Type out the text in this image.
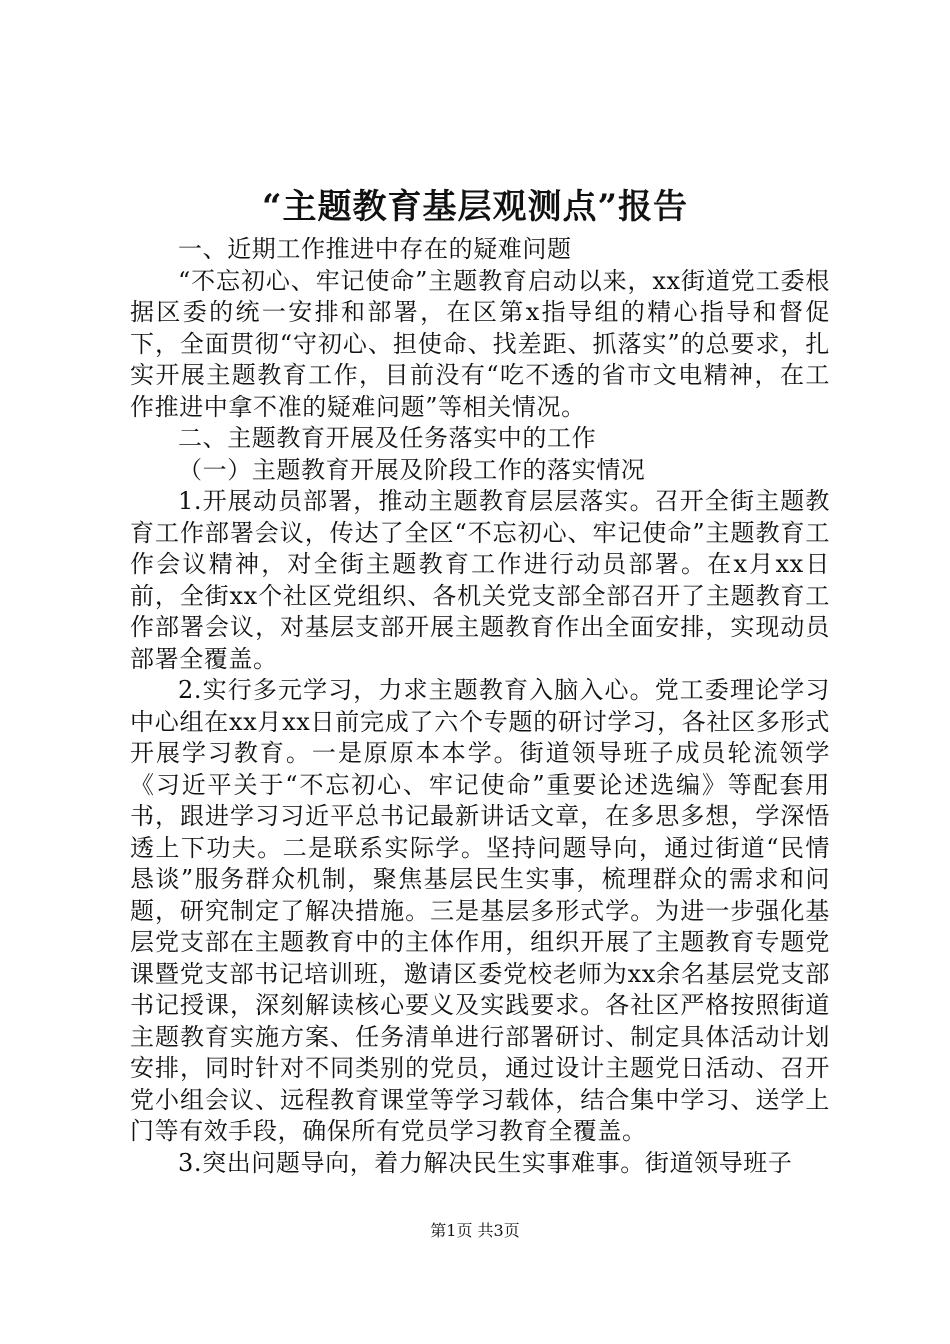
“主题教育基层观测点”报告

一、近期工作推进中存在的疑难问题

“不忘初心、牢记使命”主题教育启动以来，xx街道党工委根据区委的统一安排和部署，在区第x指导组的精心指导和督促下，全面贯彻“守初心、担使命、找差距、抓落实”的总要求，扎实开展主题教育工作，目前没有“吃不透的省市文电精神，在工作推进中拿不准的疑难问题”等相关情况。

二、主题教育开展及任务落实中的工作

（一）主题教育开展及阶段工作的落实情况

1.开展动员部署，推动主题教育层层落实。召开全街主题教育工作部署会议，传达了全区“不忘初心、牢记使命”主题教育工作会议精神，对全街主题教育工作进行动员部署。在x月xx日前，全街xx个社区党组织、各机关党支部全部召开了主题教育工作部署会议，对基层支部开展主题教育作出全面安排，实现动员部署全覆盖。

2.实行多元学习，力求主题教育入脑入心。党工委理论学习中心组在xx月xx日前完成了六个专题的研讨学习，各社区多形式开展学习教育。一是原原本本学。街道领导班子成员轮流领学《习近平关于“不忘初心、牢记使命”重要论述选编》等配套用书，跟进学习习近平总书记最新讲话文章，在多思多想，学深悟透上下功夫。二是联系实际学。坚持问题导向，通过街道“民情恳谈”服务群众机制，聚焦基层民生实事，梳理群众的需求和问题，研究制定了解决措施。三是基层多形式学。为进一步强化基层党支部在主题教育中的主体作用，组织开展了主题教育专题党课暨党支部书记培训班，邀请区委党校老师为xx余名基层党支部书记授课，深刻解读核心要义及实践要求。各社区严格按照街道主题教育实施方案、任务清单进行部署研讨、制定具体活动计划安排，同时针对不同类别的党员，通过设计主题党日活动、召开党小组会议、远程教育课堂等学习载体，结合集中学习、送学上门等有效手段，确保所有党员学习教育全覆盖。

3.突出问题导向，着力解决民生实事难事。街道领导班子

第1页 共3页
